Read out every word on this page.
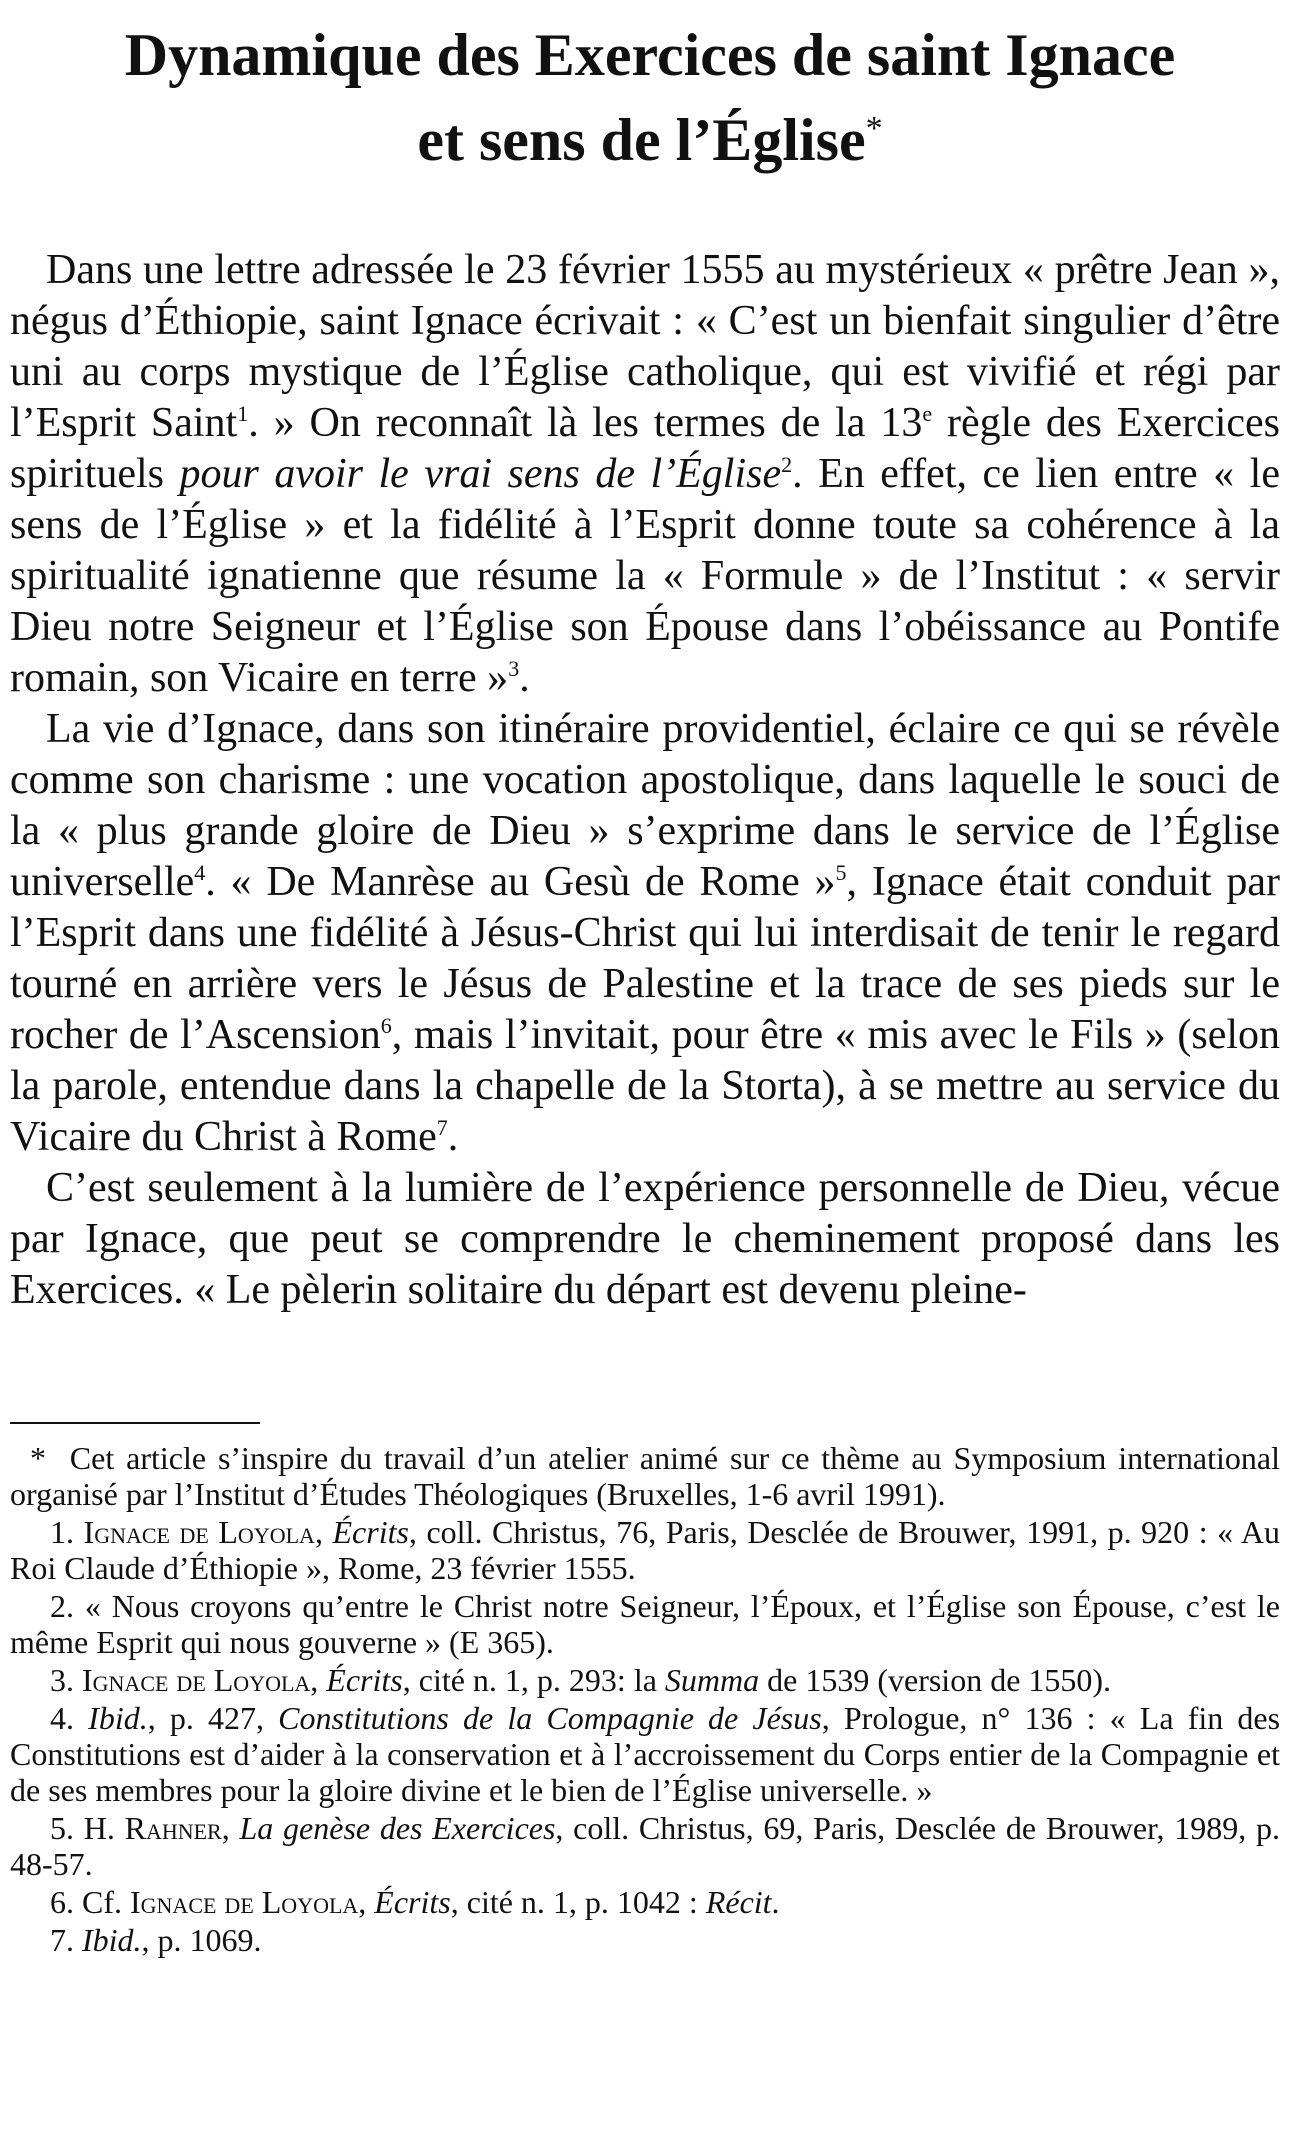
Dynamique des Exercices de saint Ignace
et sens de l’Église*

Dans une lettre adressée le 23 février 1555 au mystérieux « prêtre Jean », négus d’Éthiopie, saint Ignace écrivait : « C’est un bienfait singulier d’être uni au corps mystique de l’Église catholique, qui est vivifié et régi par l’Esprit Saint$^1$. » On reconnaît là les termes de la 13e règle des Exercices spirituels pour avoir le vrai sens de l’Église$^2$. En effet, ce lien entre « le sens de l’Église » et la fidélité à l’Esprit donne toute sa cohérence à la spiritualité ignatienne que résume la « Formule » de l’Institut : « servir Dieu notre Seigneur et l’Église son Épouse dans l’obéissance au Pontife romain, son Vicaire en terre »$^3$.

La vie d’Ignace, dans son itinéraire providentiel, éclaire ce qui se révèle comme son charisme : une vocation apostolique, dans laquelle le souci de la « plus grande gloire de Dieu » s’exprime dans le service de l’Église universelle$^4$. « De Manrèse au Gesù de Rome »$^5$, Ignace était conduit par l’Esprit dans une fidélité à Jésus-Christ qui lui interdisait de tenir le regard tourné en arrière vers le Jésus de Palestine et la trace de ses pieds sur le rocher de l’Ascension$^6$, mais l’invitait, pour être « mis avec le Fils » (selon la parole, entendue dans la chapelle de la Storta), à se mettre au service du Vicaire du Christ à Rome$^7$.

C’est seulement à la lumière de l’expérience personnelle de Dieu, vécue par Ignace, que peut se comprendre le cheminement proposé dans les Exercices. « Le pèlerin solitaire du départ est devenu pleine-

* Cet article s’inspire du travail d’un atelier animé sur ce thème au Symposium international organisé par l’Institut d’Études Théologiques (Bruxelles, 1-6 avril 1991).

1. Ignace de Loyola, Écrits, coll. Christus, 76, Paris, Desclée de Brouwer, 1991, p. 920 : « Au Roi Claude d’Éthiopie », Rome, 23 février 1555.

2. « Nous croyons qu’entre le Christ notre Seigneur, l’Époux, et l’Église son Épouse, c’est le même Esprit qui nous gouverne » (E 365).

3. Ignace de Loyola, Écrits, cité n. 1, p. 293: la Summa de 1539 (version de 1550).

4. Ibid., p. 427, Constitutions de la Compagnie de Jésus, Prologue, n° 136 : « La fin des Constitutions est d’aider à la conservation et à l’accroissement du Corps entier de la Compagnie et de ses membres pour la gloire divine et le bien de l’Église universelle. »

5. H. Rahner, La genèse des Exercices, coll. Christus, 69, Paris, Desclée de Brouwer, 1989, p. 48-57.

6. Cf. Ignace de Loyola, Écrits, cité n. 1, p. 1042 : Récit.

7. Ibid., p. 1069.
